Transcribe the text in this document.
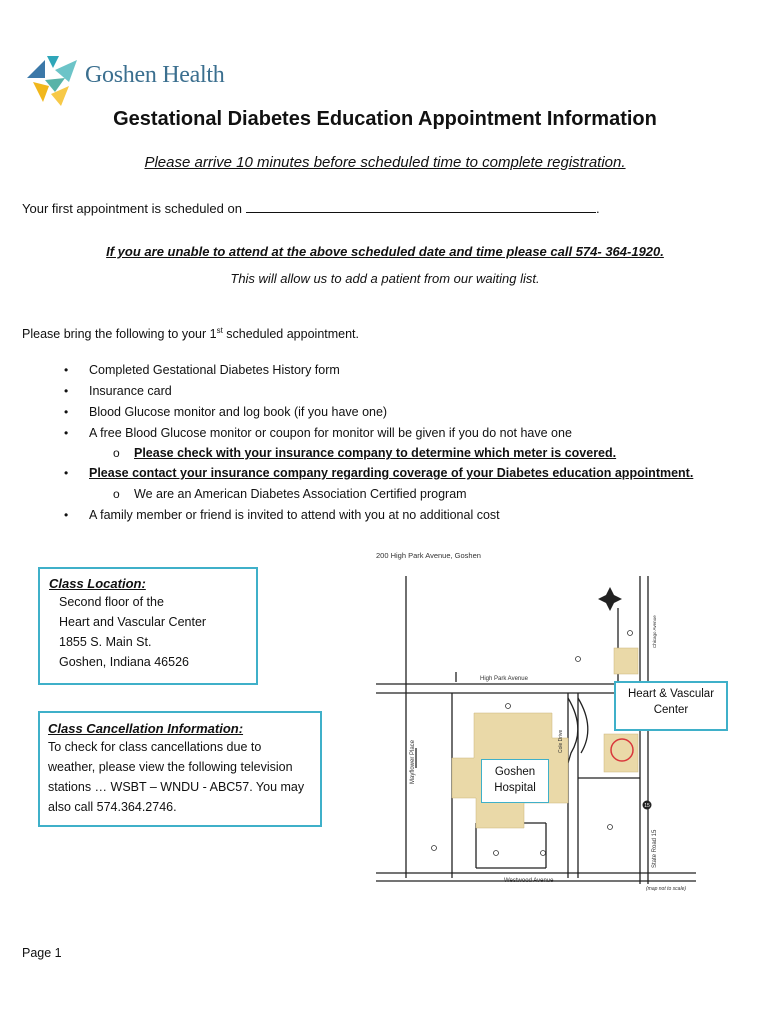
Goshen Health
Gestational Diabetes Education Appointment Information
Please arrive 10 minutes before scheduled time to complete registration.
Your first appointment is scheduled on	.
If you are unable to attend at the above scheduled date and time please call 574- 364-1920.
This will allow us to add a patient from our waiting list.
Please bring the following to your 1st scheduled appointment.
• Completed Gestational Diabetes History form
• Insurance card
• Blood Glucose monitor and log book (if you have one)
• A free Blood Glucose monitor or coupon for monitor will be given if you do not have one
o Please check with your insurance company to determine which meter is covered.
• Please contact your insurance company regarding coverage of your Diabetes education appointment.
o We are an American Diabetes Association Certified program
• A family member or friend is invited to attend with you at no additional cost
15
High Park Avenue
Westwood Avenue
(map not to scale)
Mayflower Place
State Road 15
Chicago Avenue
Cole Drive
200 High Park Avenue, Goshen
Class Location:
Second floor of the
Heart and Vascular Center
1855 S. Main St.
Goshen, Indiana 46526
Class Cancellation Information:
To check for class cancellations due to
weather, please view the following television
stations … WSBT – WNDU - ABC57. You may
also call 574.364.2746.
Heart & Vascular
Center
Goshen
Hospital
Page 1
